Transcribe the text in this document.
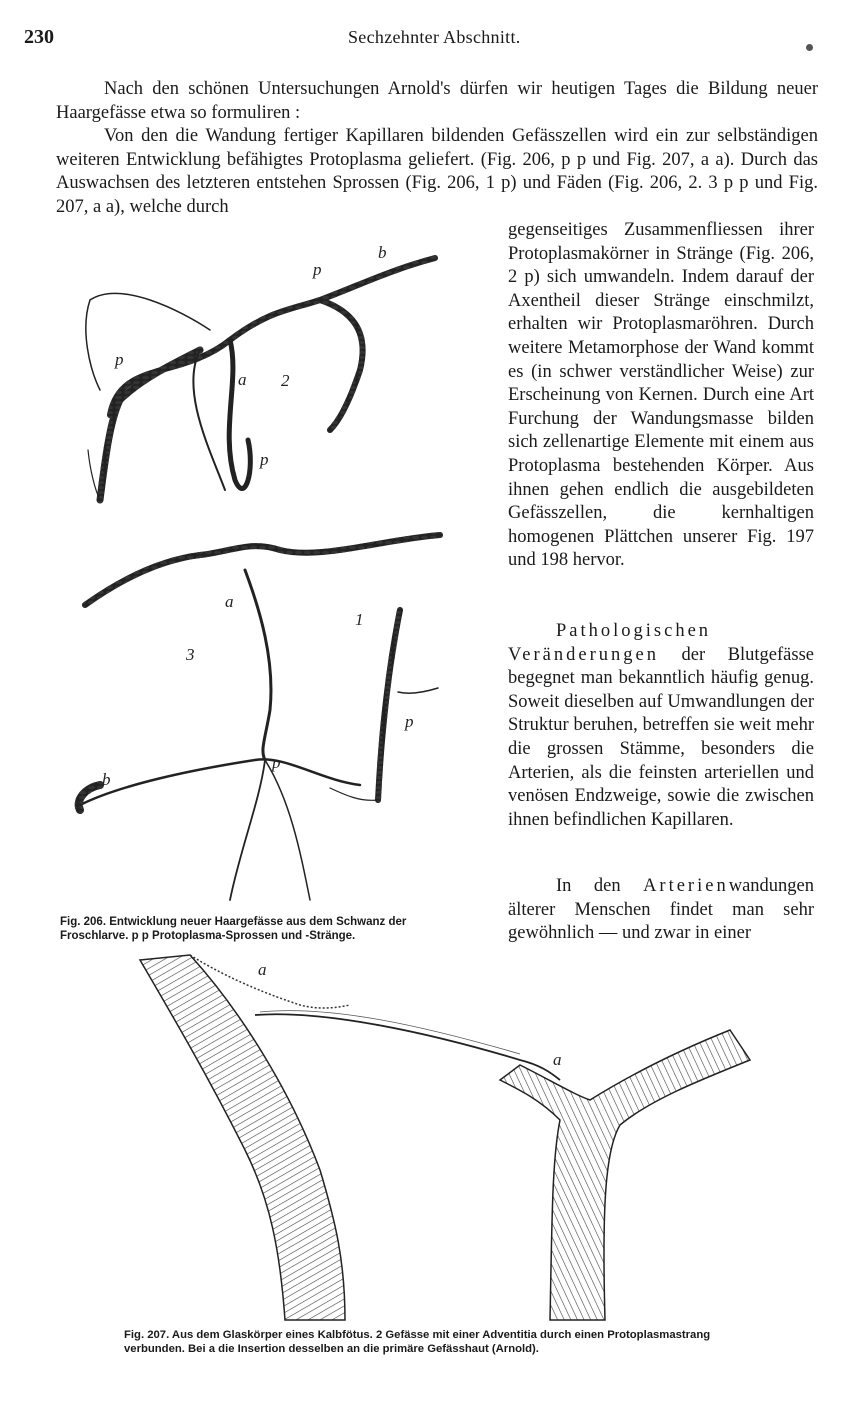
230	Sechzehnter Abschnitt.
Nach den schönen Untersuchungen Arnold's dürfen wir heutigen Tages die Bildung neuer Haargefässe etwa so formuliren :
Von den die Wandung fertiger Kapillaren bildenden Gefässzellen wird ein zur selbständigen weiteren Entwicklung befähigtes Protoplasma geliefert. (Fig. 206, p p und Fig. 207, a a). Durch das Auswachsen des letzteren entstehen Sprossen (Fig. 206, 1 p) und Fäden (Fig. 206, 2. 3 p p und Fig. 207, a a), welche durch
gegenseitiges Zusammenfliessen ihrer Protoplasmakörner in Stränge (Fig. 206, 2 p) sich umwandeln. Indem darauf der Axentheil dieser Stränge einschmilzt, erhalten wir Protoplasmaröhren. Durch weitere Metamorphose der Wand kommt es (in schwer verständlicher Weise) zur Erscheinung von Kernen. Durch eine Art Furchung der Wandungsmasse bilden sich zellenartige Elemente mit einem aus Protoplasma bestehenden Körper. Aus ihnen gehen endlich die ausgebildeten Gefässzellen, die kernhaltigen homogenen Plättchen unserer Fig. 197 und 198 hervor.
Pathologischen Veränderungen der Blutgefässe begegnet man bekanntlich häufig genug. Soweit dieselben auf Umwandlungen der Struktur beruhen, betreffen sie weit mehr die grossen Stämme, besonders die Arterien, als die feinsten arteriellen und venösen Endzweige, sowie die zwischen ihnen befindlichen Kapillaren.
In den Arterienwandungen älterer Menschen findet man sehr gewöhnlich — und zwar in einer
p
b
p
a 2
p
a
1
3
p
p
b
Fig. 206. Entwicklung neuer Haargefässe aus dem Schwanz der Froschlarve. p p Protoplasma-Sprossen und -Stränge.
a
a
Fig. 207. Aus dem Glaskörper eines Kalbfötus. 2 Gefässe mit einer Adventitia durch einen Protoplasmastrang verbunden. Bei a die Insertion desselben an die primäre Gefässhaut (Arnold).
